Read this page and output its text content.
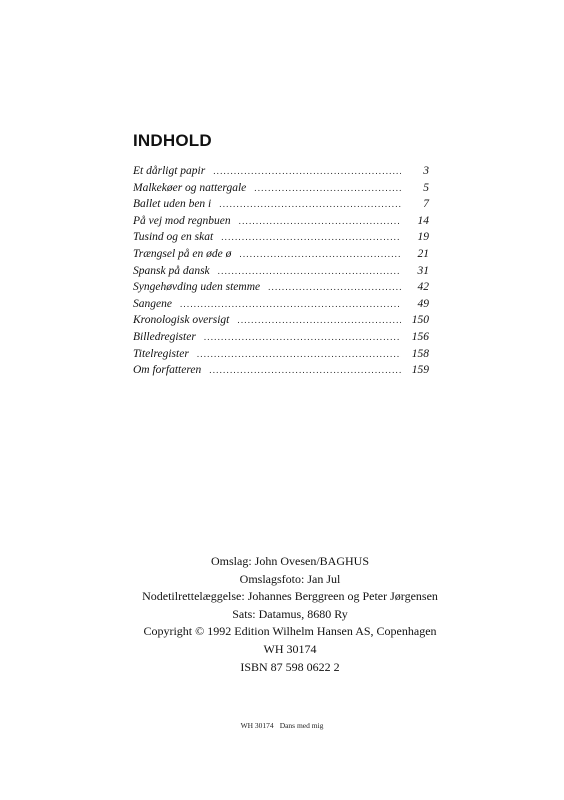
INDHOLD
Et dårligt papir .....	3
Malkekøer og nattergale .....	5
Ballet uden ben i .....	7
På vej mod regnbuen .....	14
Tusind og en skat .....	19
Trængsel på en øde ø .....	21
Spansk på dansk .....	31
Syngehøvding uden stemme .....	42
Sangene .....	49
Kronologisk oversigt .....	150
Billedregister .....	156
Titelregister .....	158
Om forfatteren .....	159
Omslag: John Ovesen/BAGHUS
Omslagsfoto: Jan Jul
Nodetilrettelæggelse: Johannes Berggreen og Peter Jørgensen
Sats: Datamus, 8680 Ry
Copyright © 1992 Edition Wilhelm Hansen AS, Copenhagen
WH 30174
ISBN 87 598 0622 2
WH 30174 Dans med mig
